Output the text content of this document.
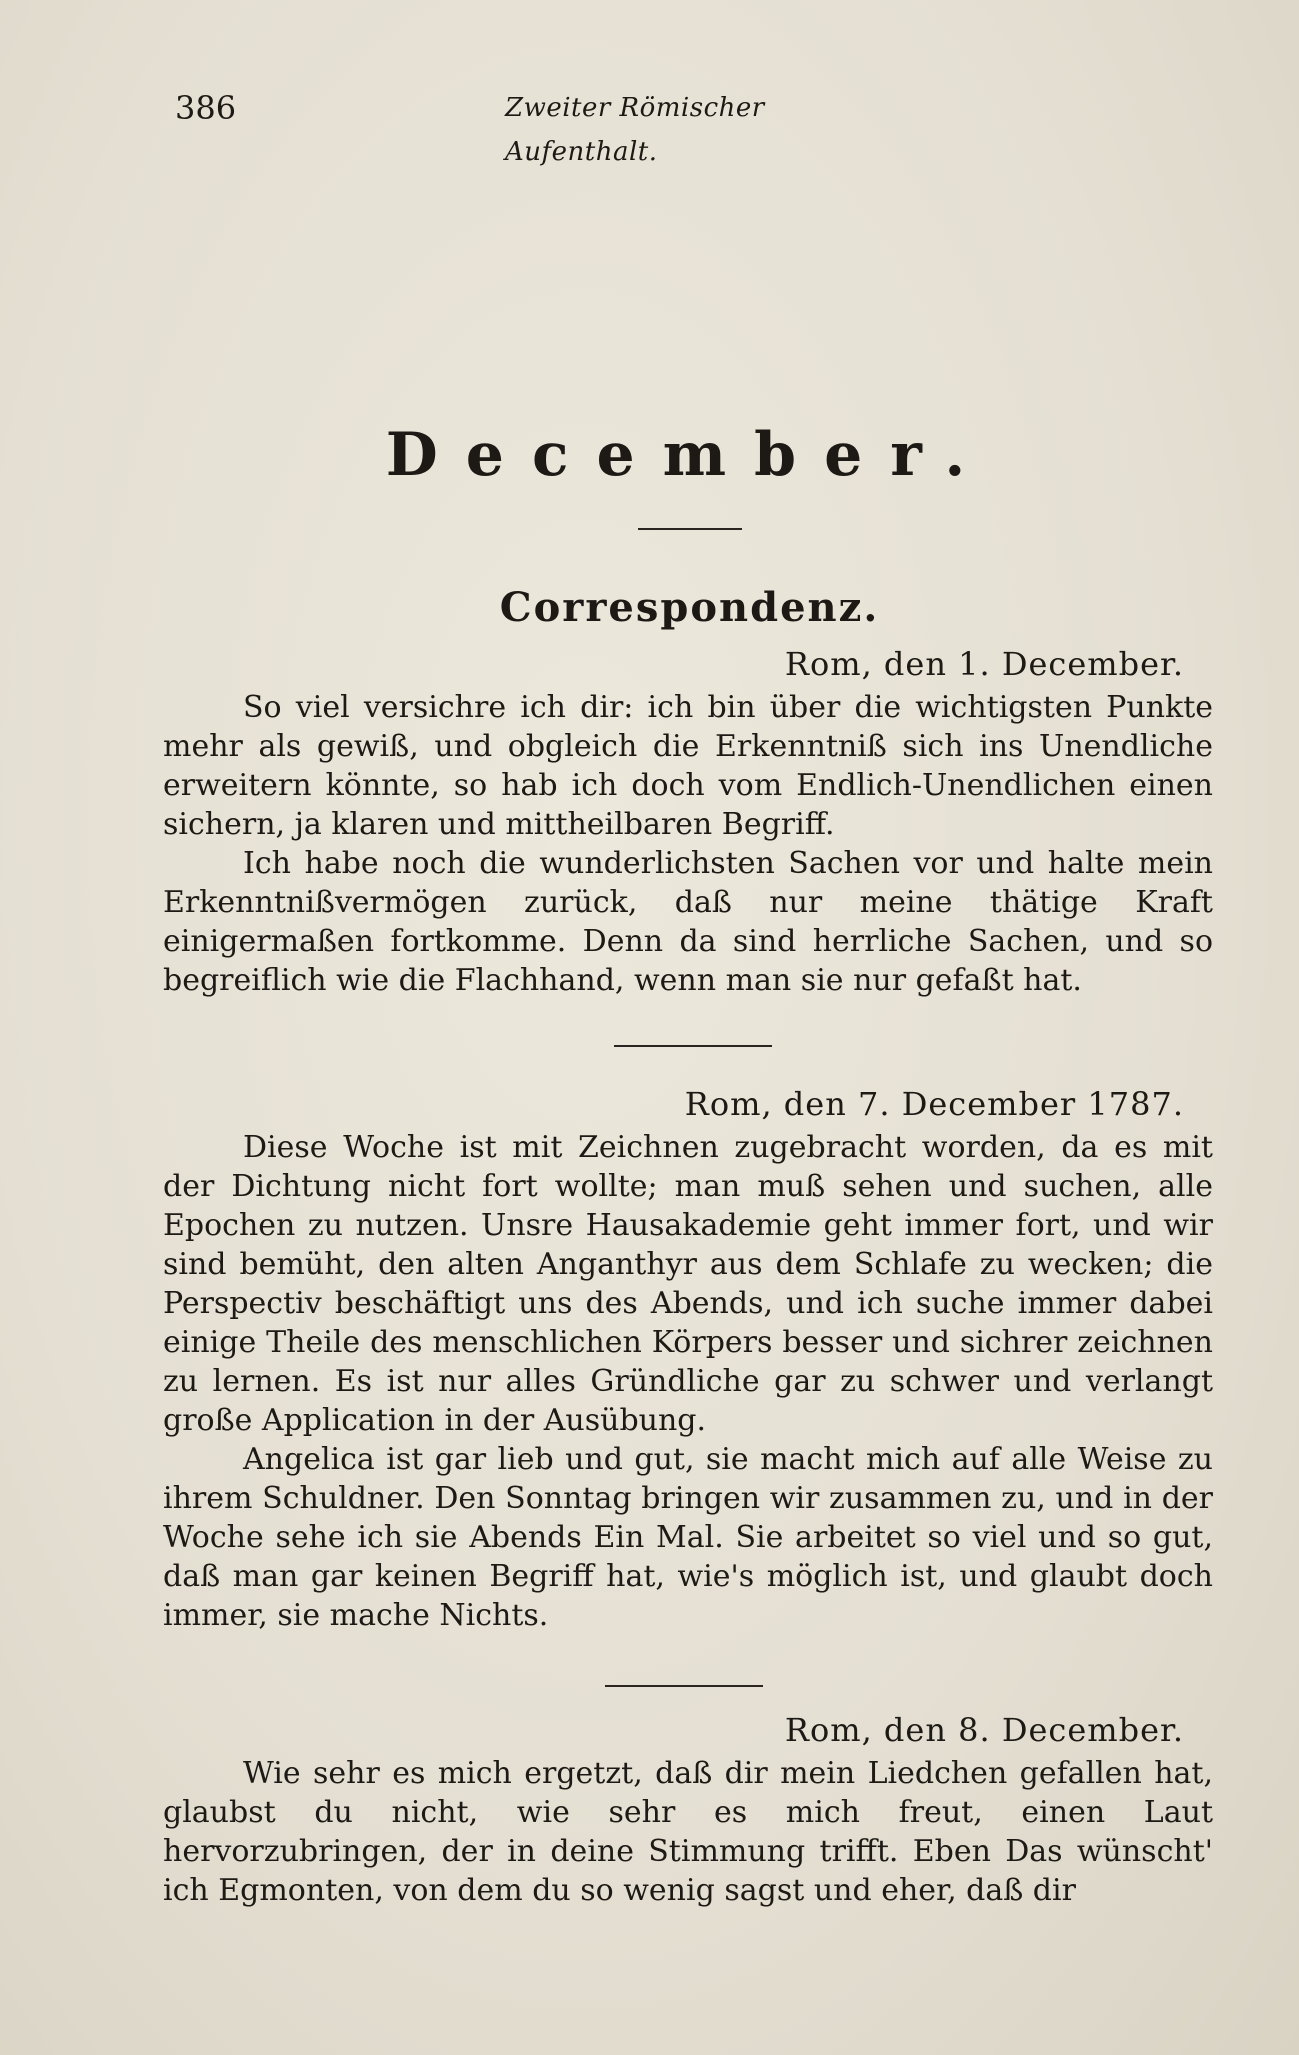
386	Zweiter Römischer Aufenthalt.
December.
Correspondenz.
Rom, den 1. December.

So viel versichre ich dir: ich bin über die wichtigsten Punkte mehr als gewiß, und obgleich die Erkenntniß sich ins Unendliche erweitern könnte, so hab ich doch vom Endlich-Unendlichen einen sichern, ja klaren und mittheilbaren Begriff.

Ich habe noch die wunderlichsten Sachen vor und halte mein Erkenntnißvermögen zurück, daß nur meine thätige Kraft einigermaßen fortkomme. Denn da sind herrliche Sachen, und so begreiflich wie die Flachhand, wenn man sie nur gefaßt hat.

Rom, den 7. December 1787.

Diese Woche ist mit Zeichnen zugebracht worden, da es mit der Dichtung nicht fort wollte; man muß sehen und suchen, alle Epochen zu nutzen. Unsre Hausakademie geht immer fort, und wir sind bemüht, den alten Anganthyr aus dem Schlafe zu wecken; die Perspectiv beschäftigt uns des Abends, und ich suche immer dabei einige Theile des menschlichen Körpers besser und sichrer zeichnen zu lernen. Es ist nur alles Gründliche gar zu schwer und verlangt große Application in der Ausübung.

Angelica ist gar lieb und gut, sie macht mich auf alle Weise zu ihrem Schuldner. Den Sonntag bringen wir zusammen zu, und in der Woche sehe ich sie Abends Ein Mal. Sie arbeitet so viel und so gut, daß man gar keinen Begriff hat, wie's möglich ist, und glaubt doch immer, sie mache Nichts.

Rom, den 8. December.

Wie sehr es mich ergetzt, daß dir mein Liedchen gefallen hat, glaubst du nicht, wie sehr es mich freut, einen Laut hervorzubringen, der in deine Stimmung trifft. Eben Das wünscht' ich Egmonten, von dem du so wenig sagst und eher, daß dir
